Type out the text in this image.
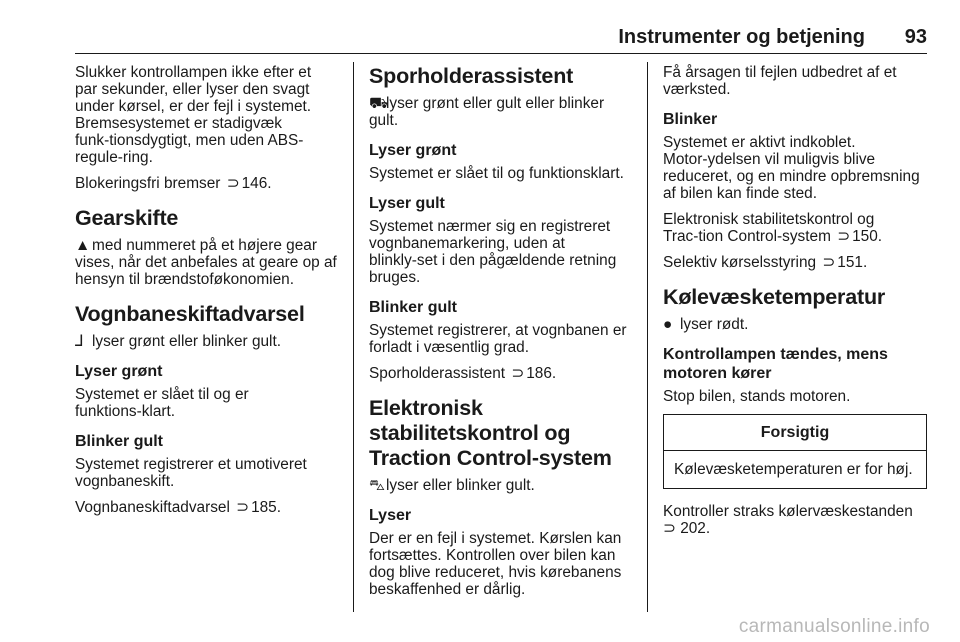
Instrumenter og betjening 93

Slukker kontrollampen ikke efter et par sekunder, eller lyser den svagt under kørsel, er der fejl i systemet. Bremsesystemet er stadigvæk funk‑tionsdygtigt, men uden ABS-regule‑ring.

Blokeringsfri bremser ⊃ 146.

Gearskifte

▲ med nummeret på et højere gear vises, når det anbefales at geare op af hensyn til brændstoføkonomien.

Vognbaneskiftadvarsel

⅃ lyser grønt eller blinker gult.

Lyser grønt

Systemet er slået til og er funktions‑klart.

Blinker gult

Systemet registrerer et umotiveret vognbaneskift.

Vognbaneskiftadvarsel ⊃ 185.

Sporholderassistent

⛟lyser grønt eller gult eller blinker gult.

Lyser grønt

Systemet er slået til og funktionsklart.

Lyser gult

Systemet nærmer sig en registreret vognbanemarkering, uden at blinkly‑set i den pågældende retning bruges.

Blinker gult

Systemet registrerer, at vognbanen er forladt i væsentlig grad.

Sporholderassistent ⊃ 186.

Elektronisk stabilitetskontrol og Traction Control-system

⛍lyser eller blinker gult.

Lyser

Der er en fejl i systemet. Kørslen kan fortsættes. Kontrollen over bilen kan dog blive reduceret, hvis kørebanens beskaffenhed er dårlig.

Få årsagen til fejlen udbedret af et værksted.

Blinker

Systemet er aktivt indkoblet. Motor‑ydelsen vil muligvis blive reduceret, og en mindre opbremsning af bilen kan finde sted.

Elektronisk stabilitetskontrol og Trac‑tion Control-system ⊃ 150.

Selektiv kørselsstyring ⊃ 151.

Kølevæsketemperatur

● lyser rødt.

Kontrollampen tændes, mens motoren kører

Stop bilen, stands motoren.

Forsigtig
Kølevæsketemperaturen er for høj.

Kontroller straks kølervæskestanden
⊃ 202.

carmanualsonline.info
